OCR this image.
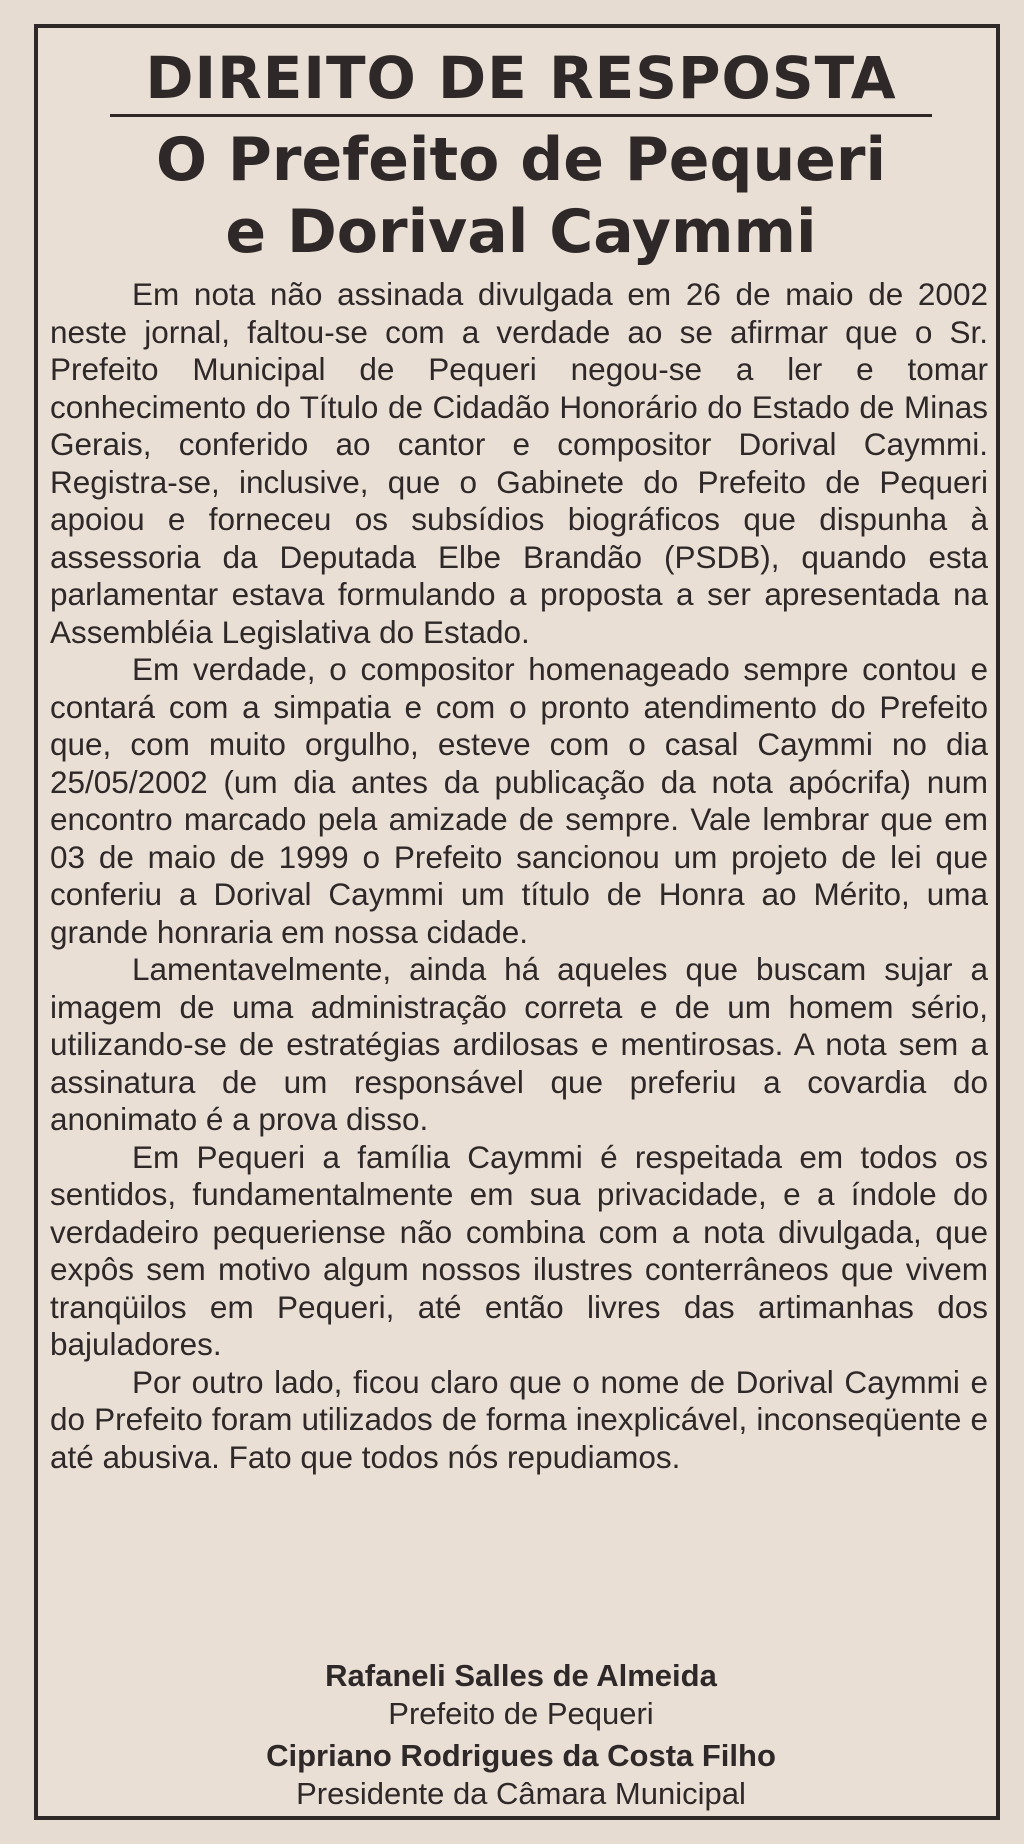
DIREITO DE RESPOSTA
O Prefeito de Pequeri
e Dorival Caymmi

Em nota não assinada divulgada em 26 de maio de 2002 neste jornal, faltou-se com a verdade ao se afirmar que o Sr. Prefeito Municipal de Pequeri negou-se a ler e tomar conhecimento do Título de Cidadão Honorário do Estado de Minas Gerais, conferido ao cantor e compositor Dorival Caymmi. Registra-se, inclusive, que o Gabinete do Prefeito de Pequeri apoiou e forneceu os subsídios biográficos que dispunha à assessoria da Deputada Elbe Brandão (PSDB), quando esta parlamentar estava formulando a proposta a ser apresentada na Assembléia Legislativa do Estado.

Em verdade, o compositor homenageado sempre contou e contará com a simpatia e com o pronto atendimento do Prefeito que, com muito orgulho, esteve com o casal Caymmi no dia 25/05/2002 (um dia antes da publicação da nota apócrifa) num encontro marcado pela amizade de sempre. Vale lembrar que em 03 de maio de 1999 o Prefeito sancionou um projeto de lei que conferiu a Dorival Caymmi um título de Honra ao Mérito, uma grande honraria em nossa cidade.

Lamentavelmente, ainda há aqueles que buscam sujar a imagem de uma administração correta e de um homem sério, utilizando-se de estratégias ardilosas e mentirosas. A nota sem a assinatura de um responsável que preferiu a covardia do anonimato é a prova disso.

Em Pequeri a família Caymmi é respeitada em todos os sentidos, fundamentalmente em sua privacidade, e a índole do verdadeiro pequeriense não combina com a nota divulgada, que expôs sem motivo algum nossos ilustres conterrâneos que vivem tranqüilos em Pequeri, até então livres das artimanhas dos bajuladores.

Por outro lado, ficou claro que o nome de Dorival Caymmi e do Prefeito foram utilizados de forma inexplicável, inconseqüente e até abusiva. Fato que todos nós repudiamos.

Rafaneli Salles de Almeida

Prefeito de Pequeri

Cipriano Rodrigues da Costa Filho

Presidente da Câmara Municipal
